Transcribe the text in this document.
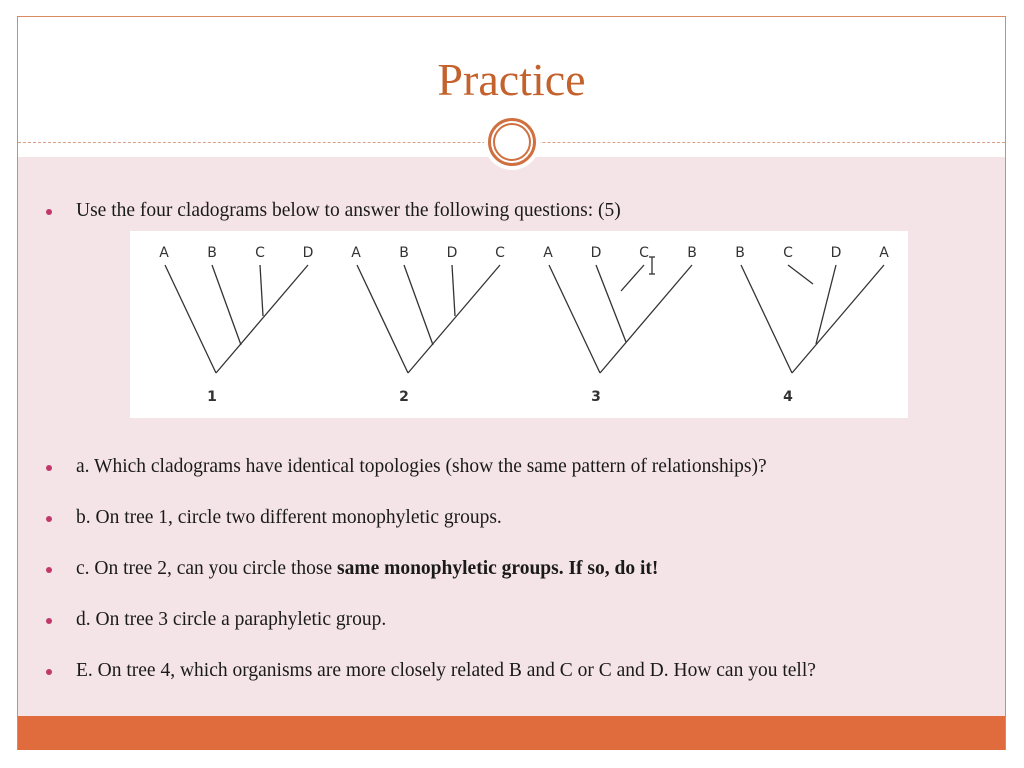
Practice
Use the four cladograms below to answer the following questions: (5)
A	B	C	D
1
A	B	D	C
2
A	D	C	B
3
B	C	D	A
4
a. Which cladograms have identical topologies (show the same pattern of relationships)?
b. On tree 1, circle two different monophyletic groups.
c. On tree 2, can you circle those same monophyletic groups. If so, do it!
d. On tree 3 circle a paraphyletic group.
E. On tree 4, which organisms are more closely related B and C or C and D. How can you tell?
